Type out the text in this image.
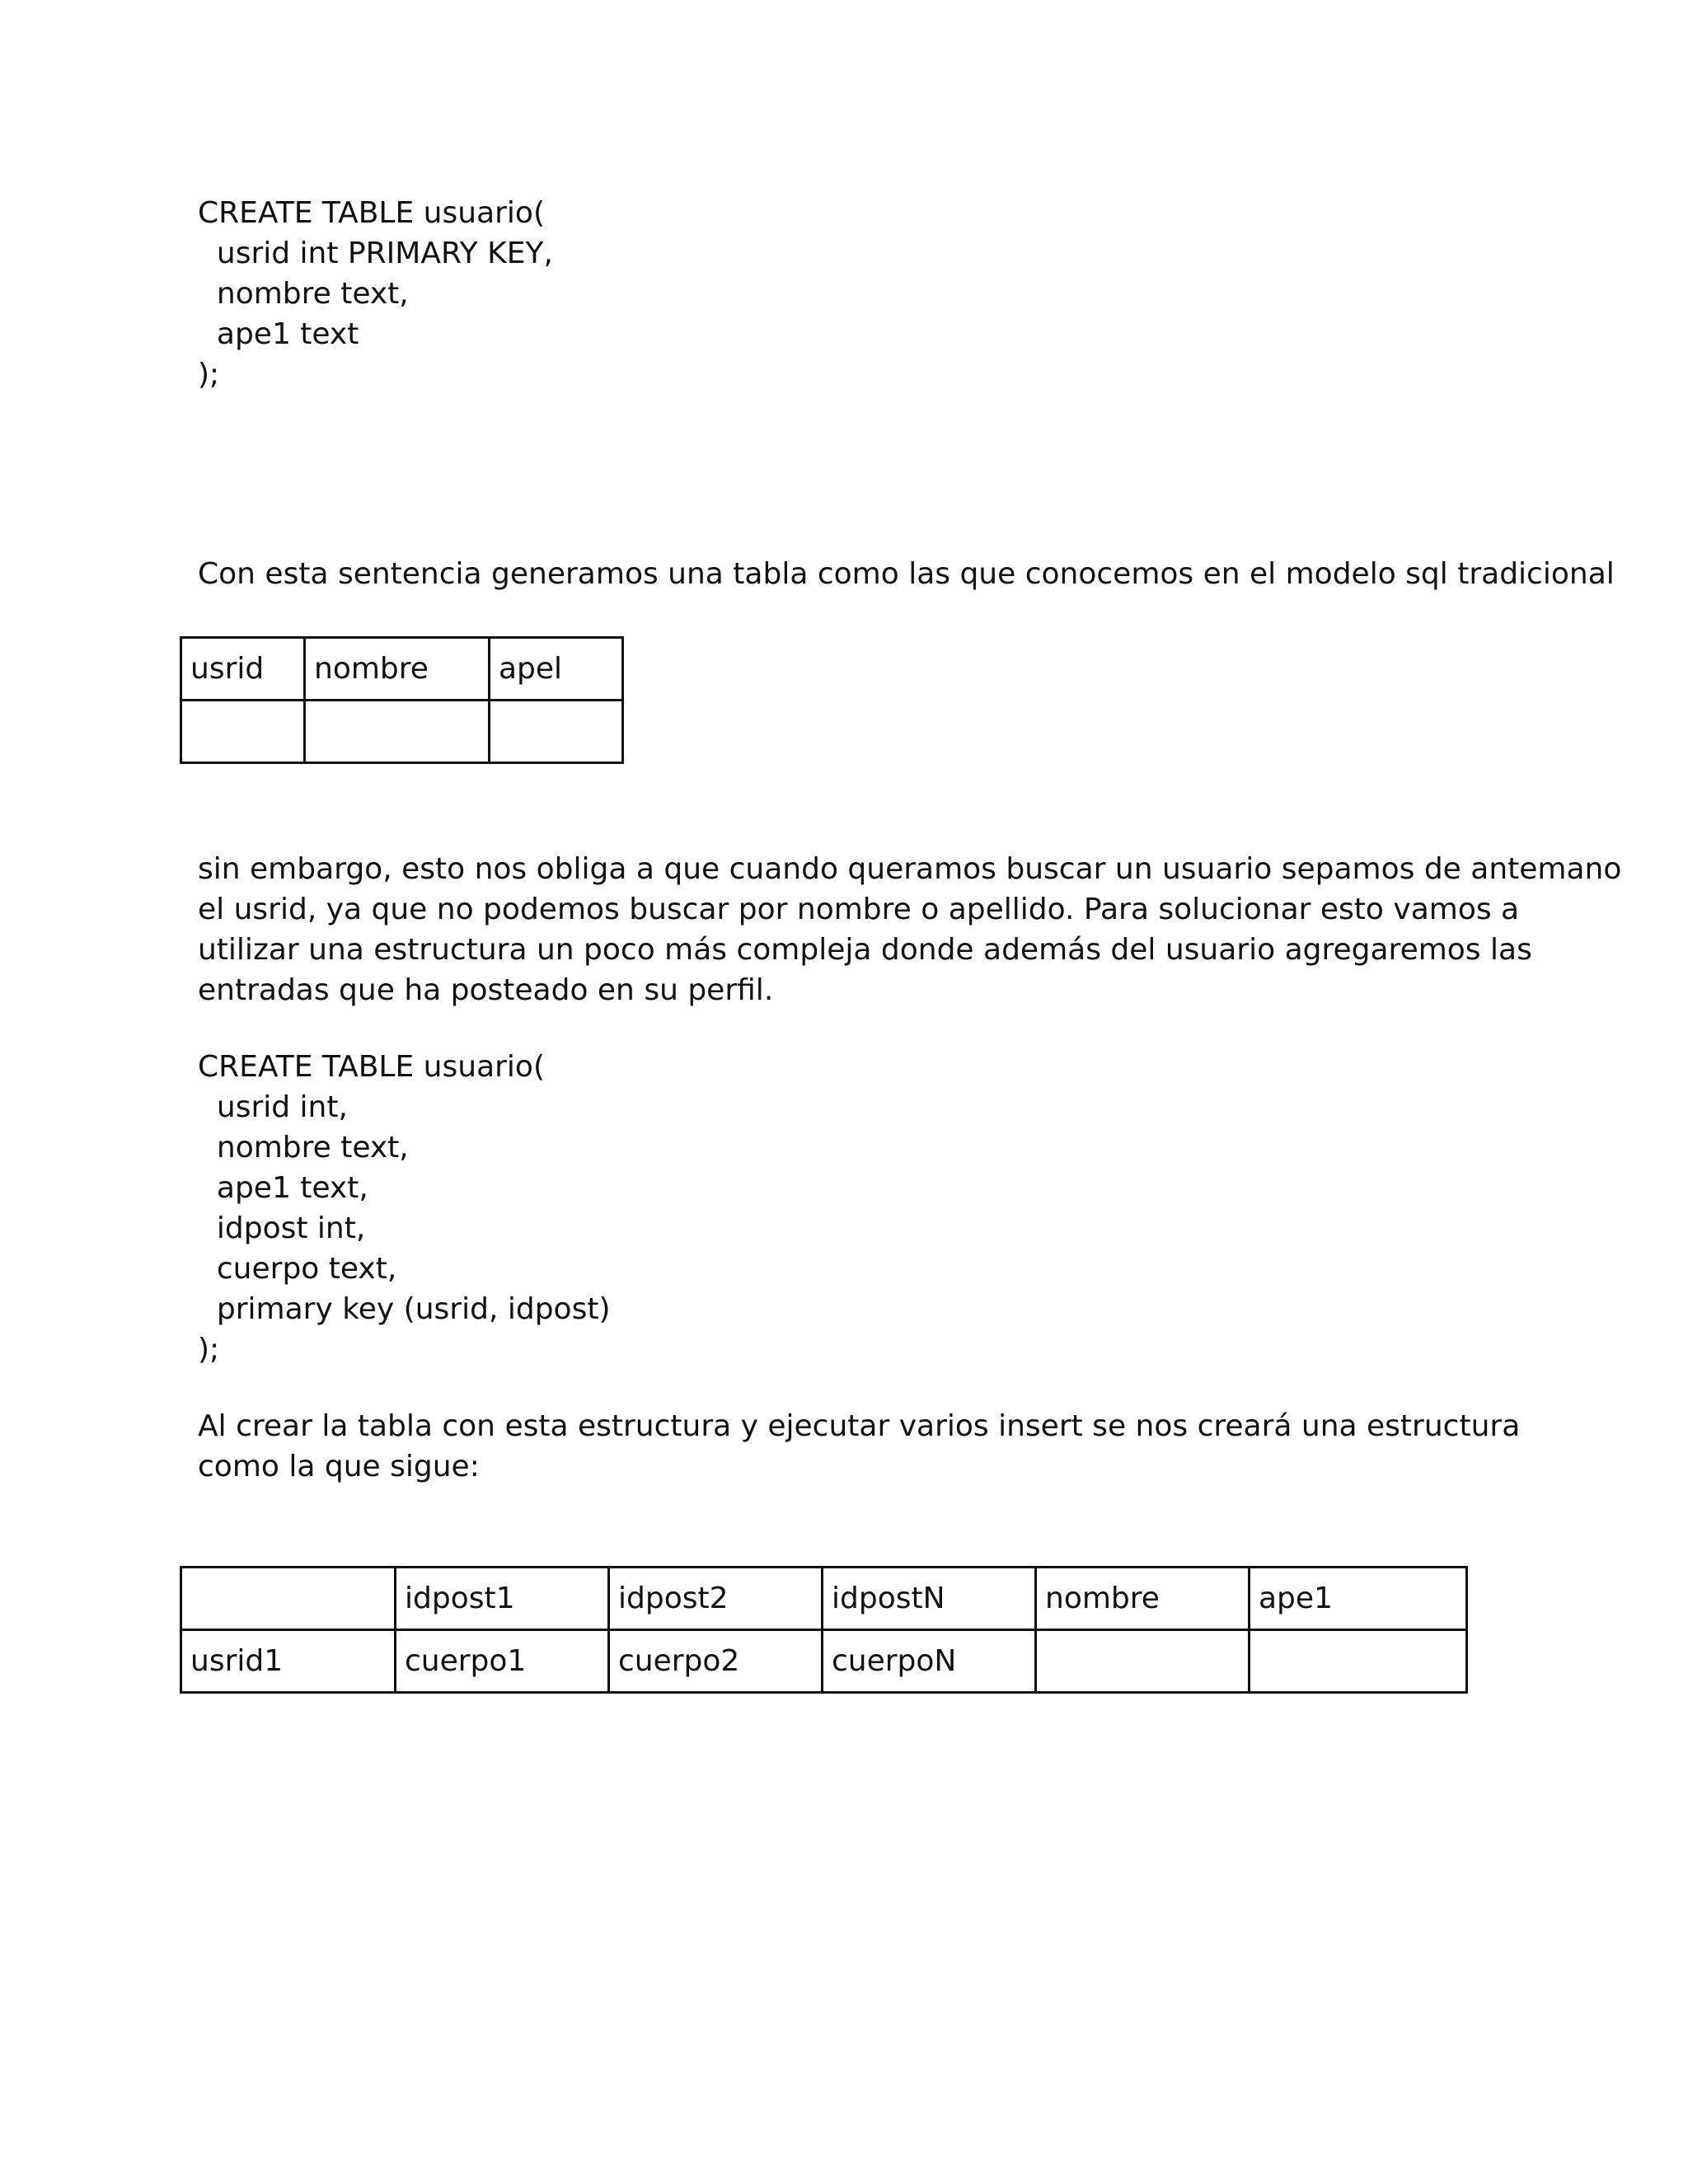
CREATE TABLE usuario(
usrid int PRIMARY KEY,
nombre text,
ape1 text
);
Con esta sentencia generamos una tabla como las que conocemos en el modelo sql tradicional
usrid	nombre	apel

sin embargo, esto nos obliga a que cuando queramos buscar un usuario sepamos de antemano
el usrid, ya que no podemos buscar por nombre o apellido. Para solucionar esto vamos a
utilizar una estructura un poco más compleja donde además del usuario agregaremos las
entradas que ha posteado en su perfil.
CREATE TABLE usuario(
usrid int,
nombre text,
ape1 text,
idpost int,
cuerpo text,
primary key (usrid, idpost)
);
Al crear la tabla con esta estructura y ejecutar varios insert se nos creará una estructura
como la que sigue:
	idpost1	idpost2	idpostN	nombre	ape1
usrid1	cuerpo1	cuerpo2	cuerpoN		
